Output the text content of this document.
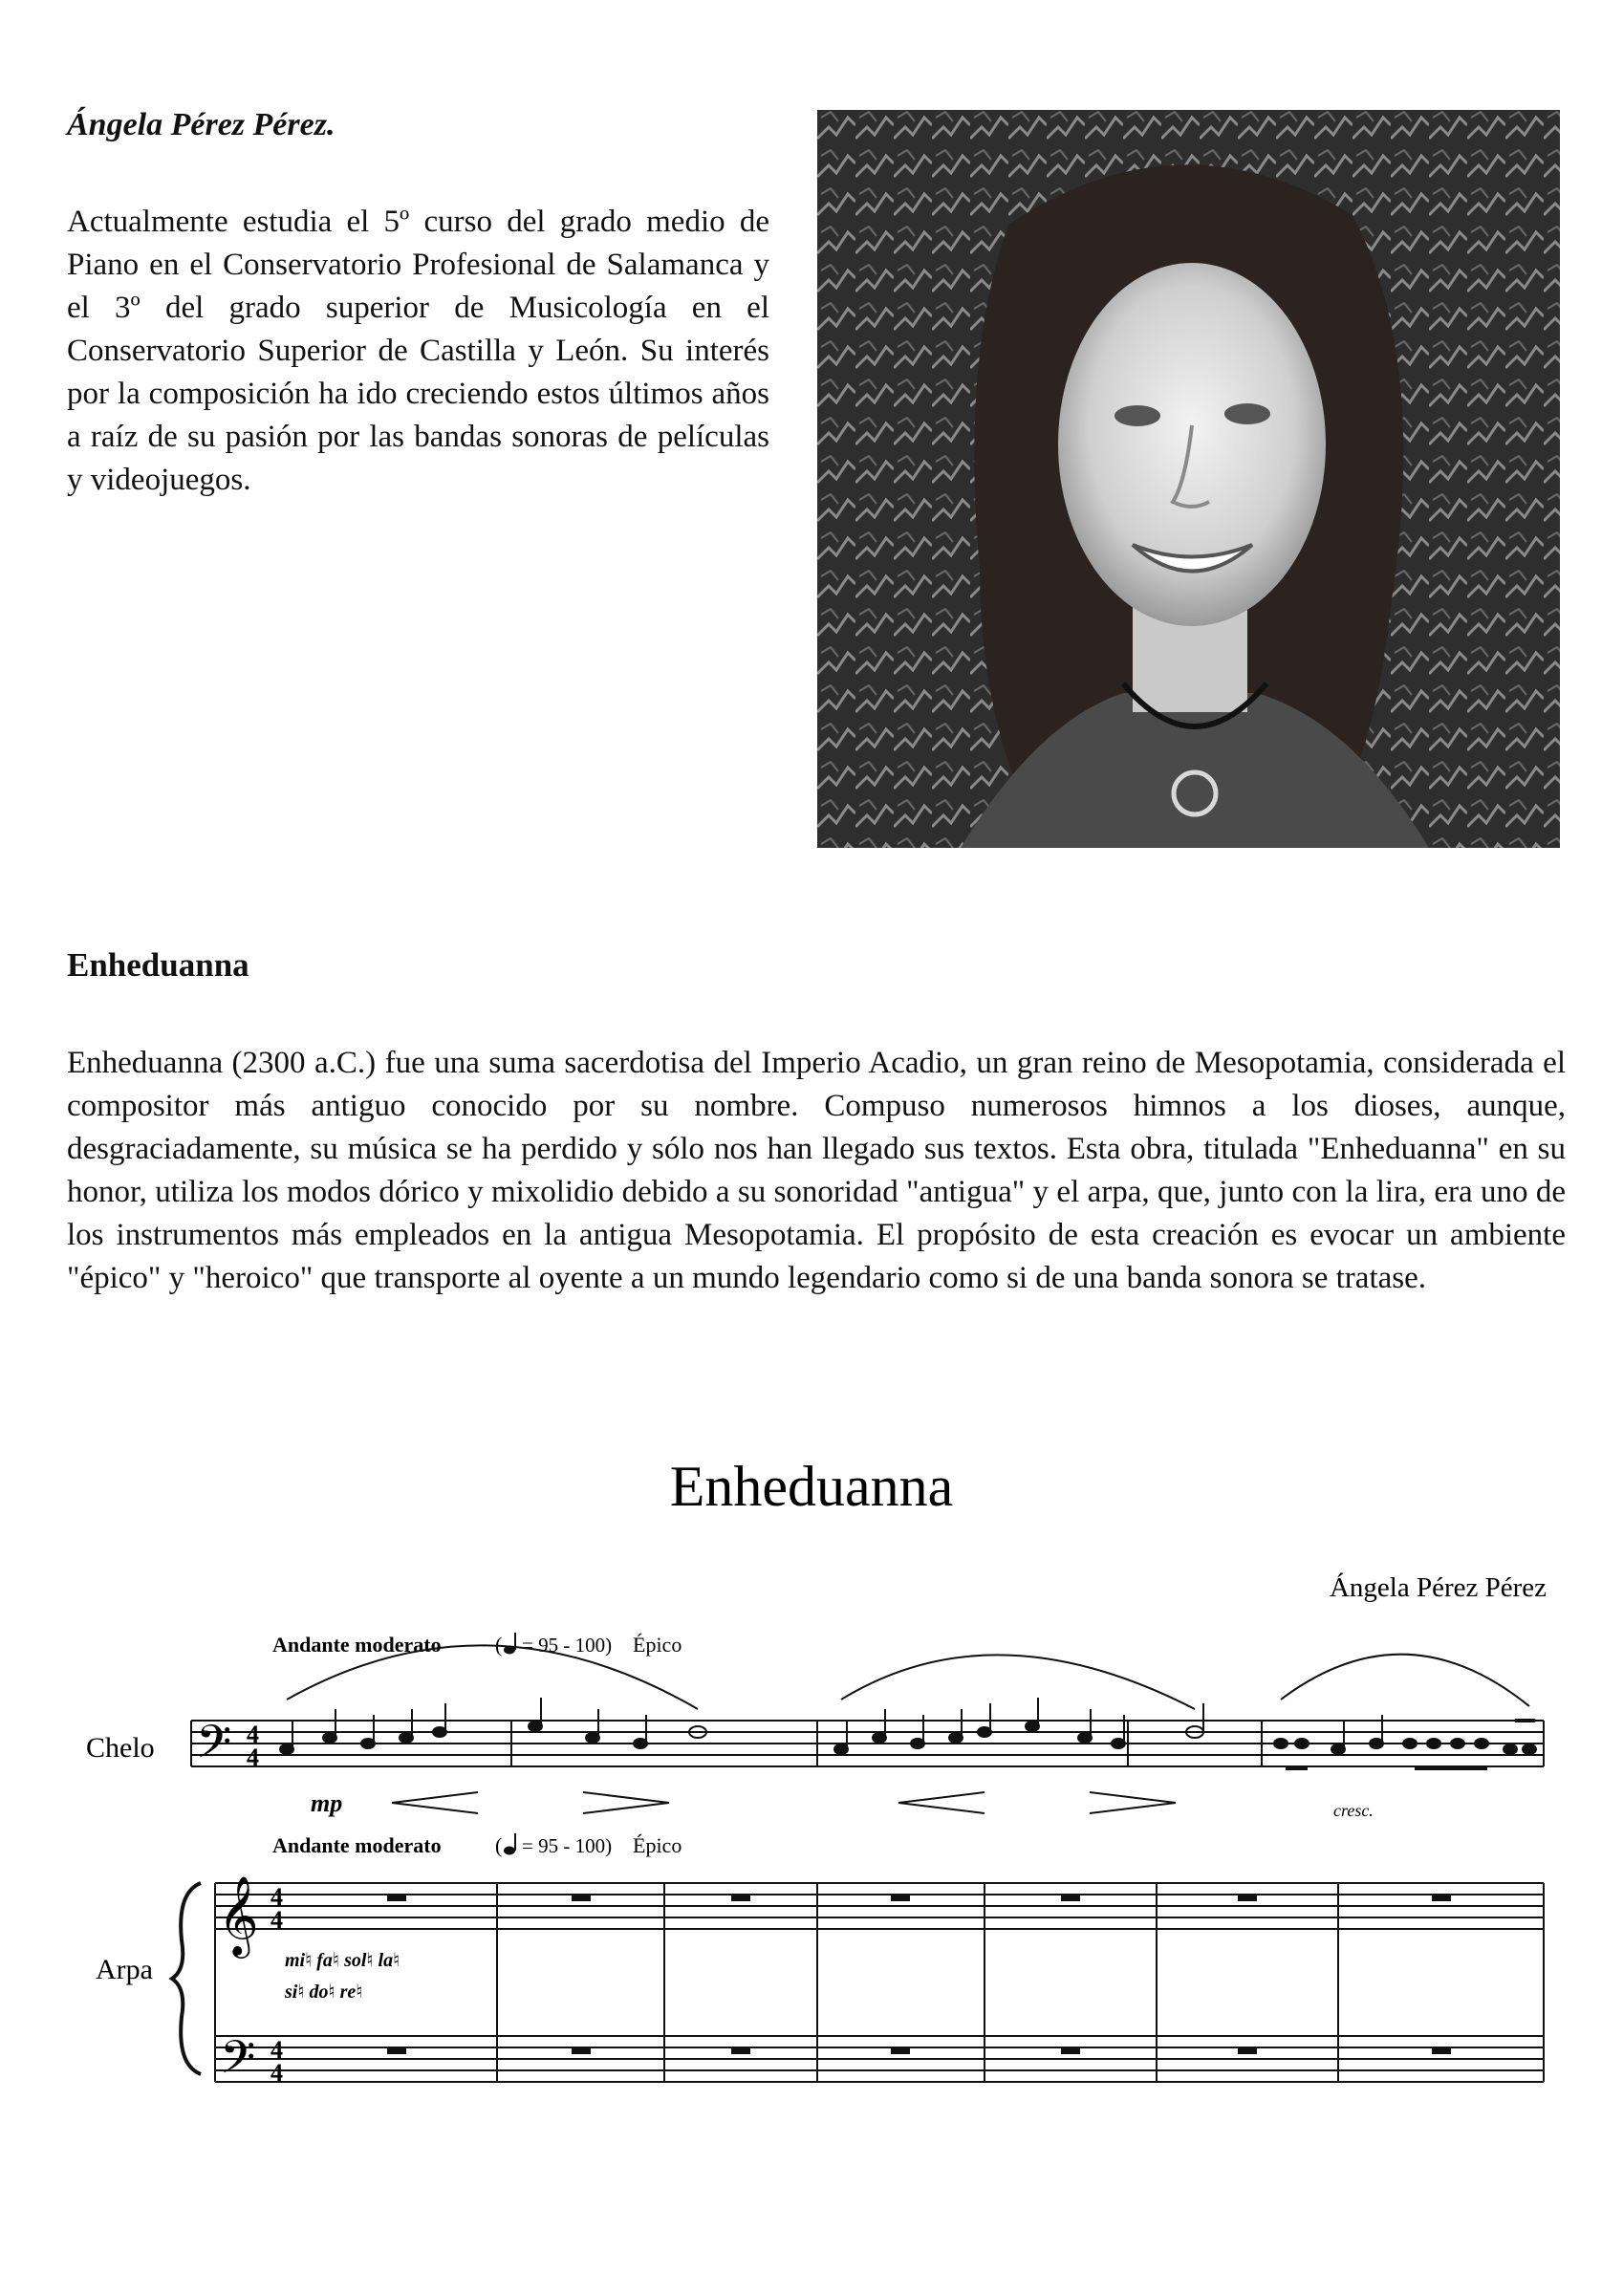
Ángela Pérez Pérez.

Actualmente estudia el 5º curso del grado medio de Piano en el Conservatorio Profesional de Salamanca y el 3º del grado superior de Musicología en el Conservatorio Superior de Castilla y León. Su interés por la composición ha ido creciendo estos últimos años a raíz de su pasión por las bandas sonoras de películas y videojuegos.

Enheduanna

Enheduanna (2300 a.C.) fue una suma sacerdotisa del Imperio Acadio, un gran reino de Mesopotamia, considerada el compositor más antiguo conocido por su nombre. Compuso numerosos himnos a los dioses, aunque, desgraciadamente, su música se ha perdido y sólo nos han llegado sus textos. Esta obra, titulada "Enheduanna" en su honor, utiliza los modos dórico y mixolidio debido a su sonoridad "antigua" y el arpa, que, junto con la lira, era uno de los instrumentos más empleados en la antigua Mesopotamia. El propósito de esta creación es evocar un ambiente "épico" y "heroico" que transporte al oyente a un mundo legendario como si de una banda sonora se tratase.

Enheduanna
Ángela Pérez Pérez
Andante moderato	( = 95 - 100) Épico
Chelo 𝄢 4
4
mp	cresc.
Andante moderato	( = 95 - 100) Épico
Arpa
𝄞
𝄢
4
4
4
4
mi♮ fa♮ sol♮ la♮
si♮ do♮ re♮
